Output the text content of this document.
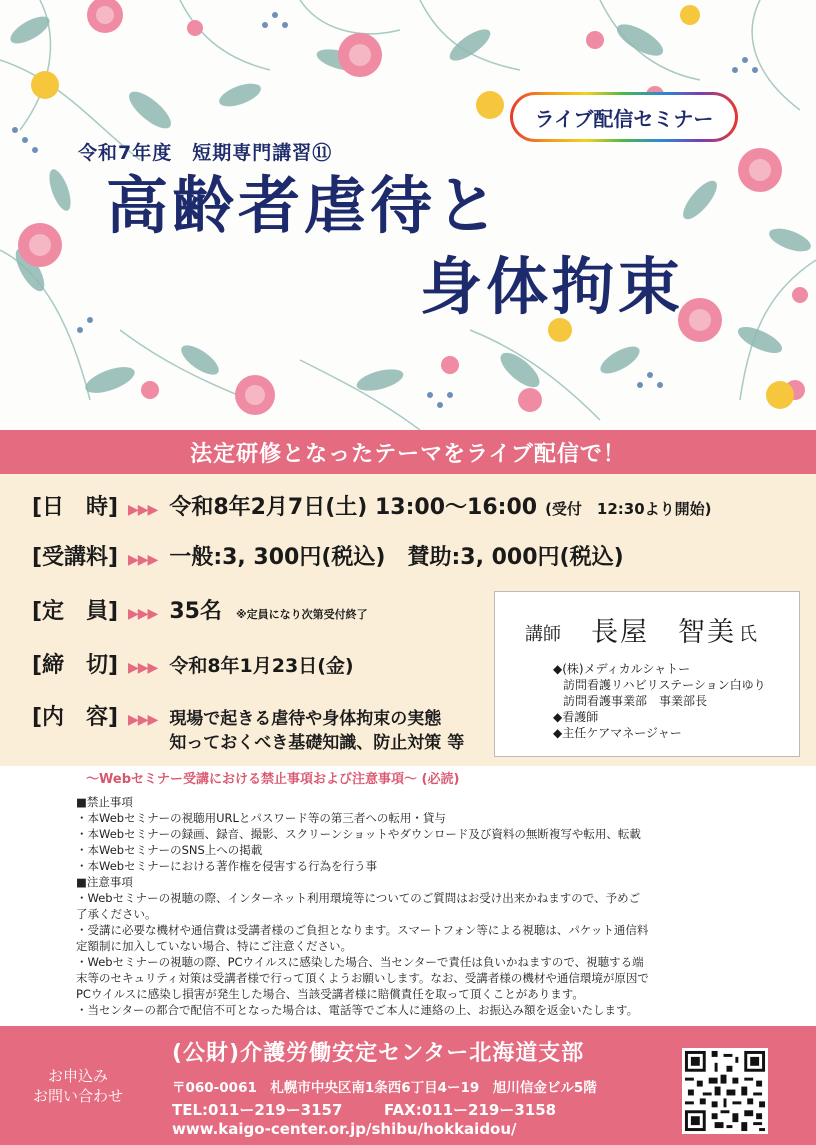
ライブ配信セミナー
令和7年度　短期専門講習⑪
高齢者虐待と
身体拘束
法定研修となったテーマをライブ配信で！
[日　時] ▶▶▶ 令和8年2月7日(土) 13:00～16:00 (受付　12:30より開始)
[受講料] ▶▶▶ 一般:3, 300円(税込)　賛助:3, 000円(税込)
[定　員] ▶▶▶ 35名 ※定員になり次第受付終了
[締　切] ▶▶▶ 令和8年1月23日(金)
[内　容] ▶▶▶ 現場で起きる虐待や身体拘束の実態
知っておくべき基礎知識、防止対策 等
講師 長屋　智美 氏
◆(株)メディカルシャトー
訪問看護リハビリステーション白ゆり
訪問看護事業部　事業部長
◆看護師
◆主任ケアマネージャー
～Webセミナー受講における禁止事項および注意事項～ (必読)
■禁止事項
・本Webセミナーの視聴用URLとパスワード等の第三者への転用・貸与
・本Webセミナーの録画、録音、撮影、スクリーンショットやダウンロード及び資料の無断複写や転用、転載
・本WebセミナーのSNS上への掲載
・本Webセミナーにおける著作権を侵害する行為を行う事
■注意事項
・Webセミナーの視聴の際、インターネット利用環境等についてのご質問はお受け出来かねますので、予めご
了承ください。
・受講に必要な機材や通信費は受講者様のご負担となります。スマートフォン等による視聴は、パケット通信料
定額制に加入していない場合、特にご注意ください。
・Webセミナーの視聴の際、PCウイルスに感染した場合、当センターで責任は負いかねますので、視聴する端
末等のセキュリティ対策は受講者様で行って頂くようお願いします。なお、受講者様の機材や通信環境が原因で
PCウイルスに感染し損害が発生した場合、当該受講者様に賠償責任を取って頂くことがあります。
・当センターの都合で配信不可となった場合は、電話等でご本人に連絡の上、お振込み額を返金いたします。
お申込み
お問い合わせ
(公財)介護労働安定センター北海道支部
〒060-0061　札幌市中央区南1条西6丁目4ー19　旭川信金ビル5階
TEL:011ー219ー3157	FAX:011ー219ー3158
www.kaigo-center.or.jp/shibu/hokkaidou/
